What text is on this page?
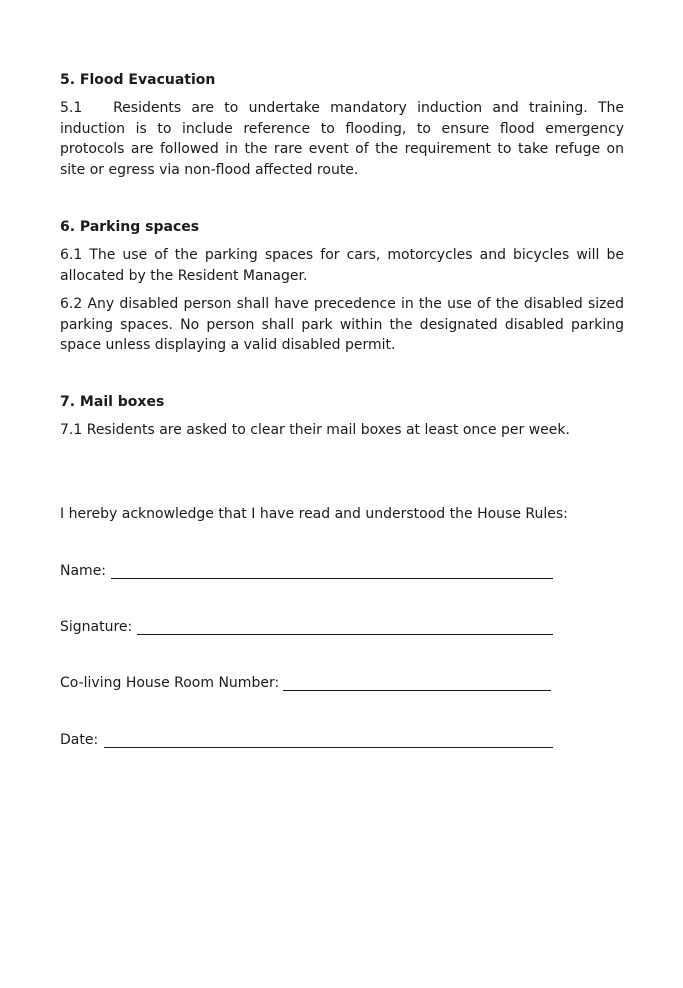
5. Flood Evacuation

5.1   Residents are to undertake mandatory induction and training. The induction is to include reference to flooding, to ensure flood emergency protocols are followed in the rare event of the requirement to take refuge on site or egress via non-flood affected route.

6. Parking spaces

6.1 The use of the parking spaces for cars, motorcycles and bicycles will be allocated by the Resident Manager.

6.2 Any disabled person shall have precedence in the use of the disabled sized parking spaces. No person shall park within the designated disabled parking space unless displaying a valid disabled permit.

7. Mail boxes

7.1 Residents are asked to clear their mail boxes at least once per week.

I hereby acknowledge that I have read and understood the House Rules:

Name:
Signature:
Co-living House Room Number:
Date:
